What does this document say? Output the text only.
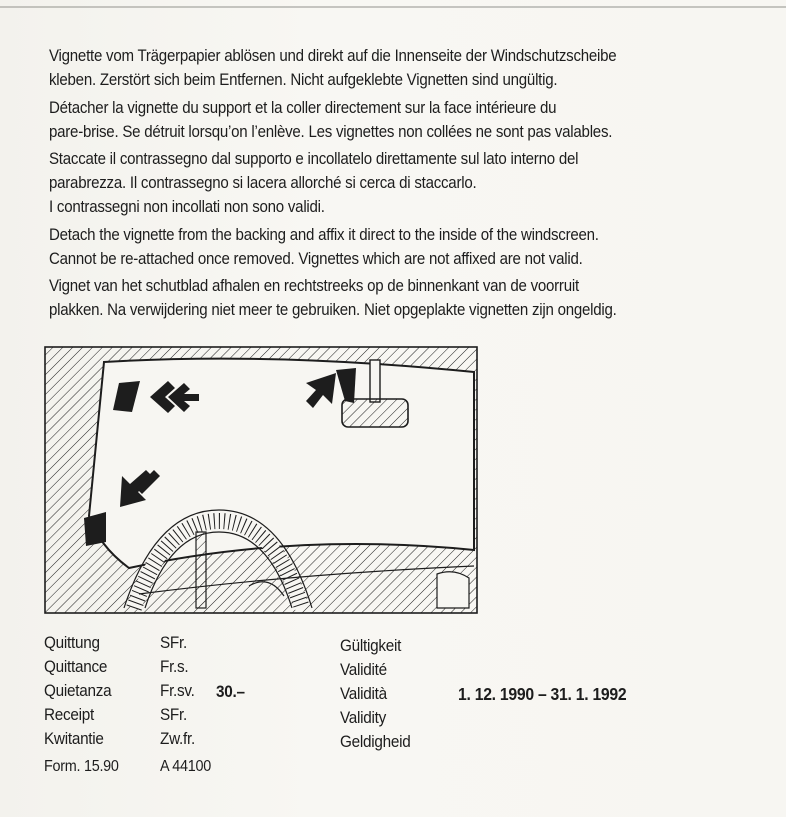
Vignette vom Trägerpapier ablösen und direkt auf die Innenseite der Windschutzscheibe
kleben. Zerstört sich beim Entfernen. Nicht aufgeklebte Vignetten sind ungültig.

Détacher la vignette du support et la coller directement sur la face intérieure du
pare-brise. Se détruit lorsqu’on l’enlève. Les vignettes non collées ne sont pas valables.

Staccate il contrassegno dal supporto e incollatelo direttamente sul lato interno del
parabrezza. Il contrassegno si lacera allorché si cerca di staccarlo.
I contrassegni non incollati non sono validi.

Detach the vignette from the backing and affix it direct to the inside of the windscreen.
Cannot be re-attached once removed. Vignettes which are not affixed are not valid.

Vignet van het schutblad afhalen en rechtstreeks op de binnenkant van de voorruit
plakken. Na verwijdering niet meer te gebruiken. Niet opgeplakte vignetten zijn ongeldig.

Quittung
Quittance
Quietanza
Receipt
Kwitantie
SFr.
Fr.s.
Fr.sv.
SFr.
Zw.fr.
30.–
Gültigkeit
Validité
Validità
Validity
Geldigheid
1. 12. 1990 – 31. 1. 1992
Form. 15.90	A 44100
